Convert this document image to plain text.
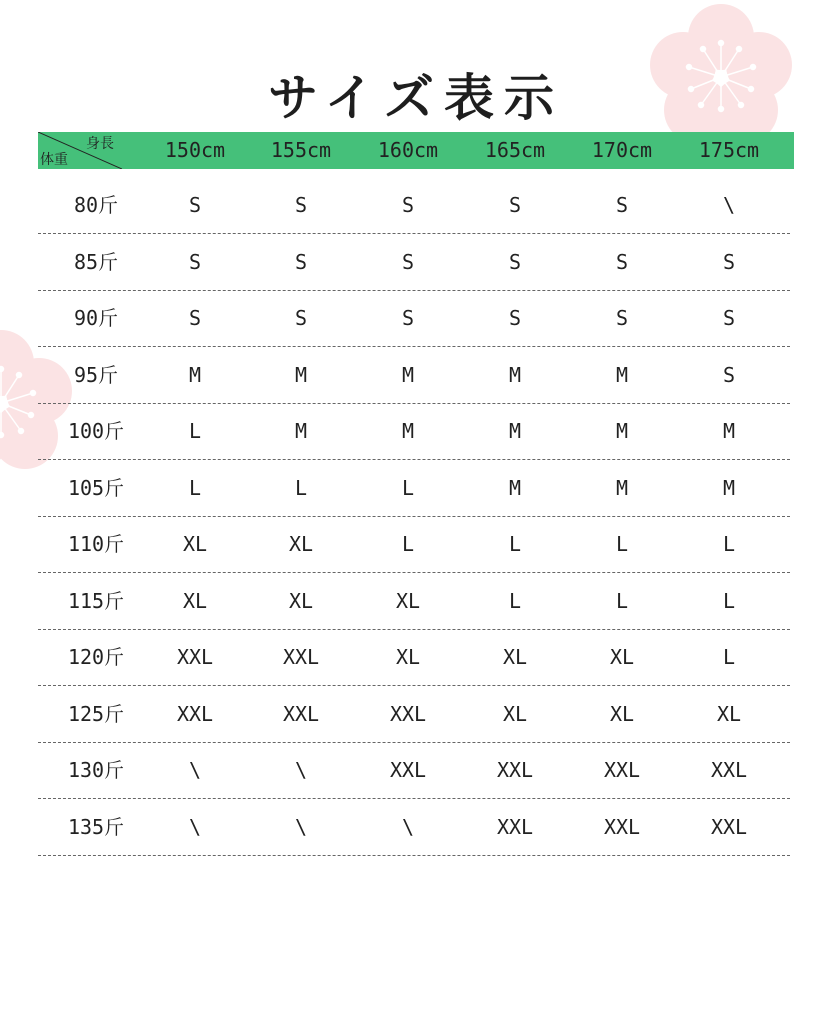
サイズ表示
身長
体重	150cm	155cm	160cm	165cm	170cm	175cm
80斤	S	S	S	S	S	\
85斤	S	S	S	S	S	S
90斤	S	S	S	S	S	S
95斤	M	M	M	M	M	S
100斤	L	M	M	M	M	M
105斤	L	L	L	M	M	M
110斤	XL	XL	L	L	L	L
115斤	XL	XL	XL	L	L	L
120斤	XXL	XXL	XL	XL	XL	L
125斤	XXL	XXL	XXL	XL	XL	XL
130斤	\	\	XXL	XXL	XXL	XXL
135斤	\	\	\	XXL	XXL	XXL
